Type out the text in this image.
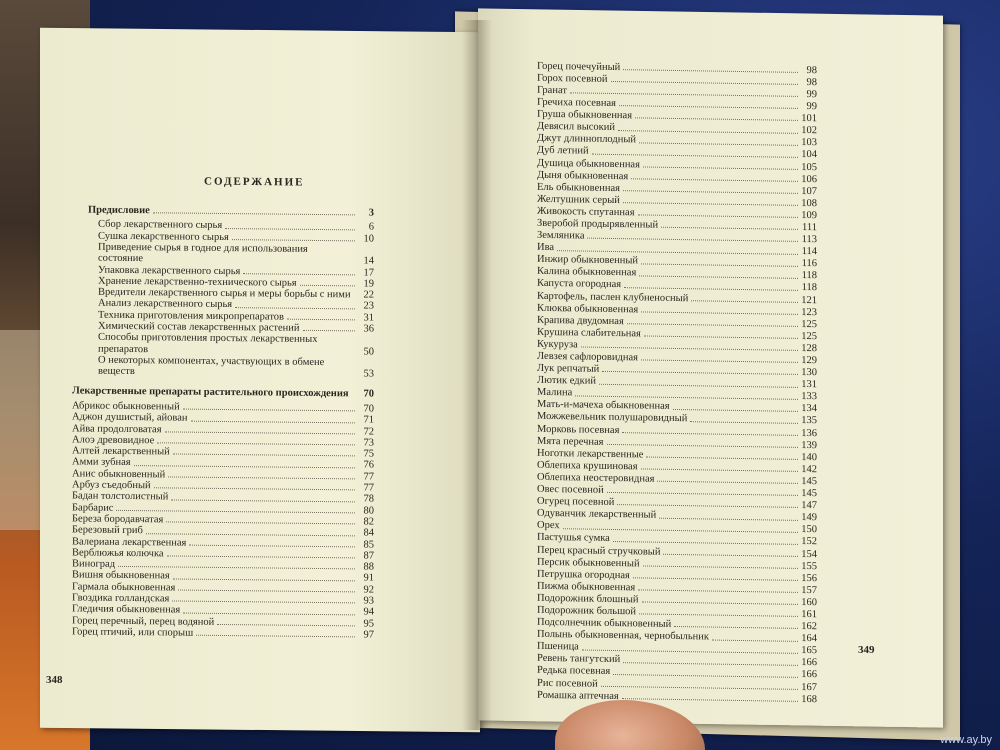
СОДЕРЖАНИЕ
Предисловие	3
Сбор лекарственного сырья	6
Сушка лекарственного сырья	10
Приведение сырья в годное для использования состояние	14
Упаковка лекарственного сырья	17
Хранение лекарственно-технического сырья	19
Вредители лекарственного сырья и меры борьбы с ними	22
Анализ лекарственного сырья	23
Техника приготовления микропрепаратов	31
Химический состав лекарственных растений	36
Способы приготовления простых лекарственных препаратов	50
О некоторых компонентах, участвующих в обмене веществ	53
Лекарственные препараты растительного происхождения	70
Абрикос обыкновенный	70
Аджон душистый, айован	71
Айва продолговатая	72
Алоэ древовидное	73
Алтей лекарственный	75
Амми зубная	76
Анис обыкновенный	77
Арбуз съедобный	77
Бадан толстолистный	78
Барбарис	80
Береза бородавчатая	82
Березовый гриб	84
Валериана лекарственная	85
Верблюжья колючка	87
Виноград	88
Вишня обыкновенная	91
Гармала обыкновенная	92
Гвоздика голландская	93
Гледичия обыкновенная	94
Горец перечный, перец водяной	95
Горец птичий, или спорыш	97
348
Горец почечуйный	98
Горох посевной	98
Гранат	99
Гречиха посевная	99
Груша обыкновенная	101
Девясил высокий	102
Джут длинноплодный	103
Дуб летний	104
Душица обыкновенная	105
Дыня обыкновенная	106
Ель обыкновенная	107
Желтушник серый	108
Живокость спутанная	109
Зверобой продырявленный	111
Земляника	113
Ива	114
Инжир обыкновенный	116
Калина обыкновенная	118
Капуста огородная	118
Картофель, паслен клубненосный	121
Клюква обыкновенная	123
Крапива двудомная	125
Крушина слабительная	125
Кукуруза	128
Левзея сафлоровидная	129
Лук репчатый	130
Лютик едкий	131
Малина	133
Мать-и-мачеха обыкновенная	134
Можжевельник полушаровидный	135
Морковь посевная	136
Мята перечная	139
Ноготки лекарственные	140
Облепиха крушиновая	142
Облепиха неостеровидная	145
Овес посевной	145
Огурец посевной	147
Одуванчик лекарственный	149
Орех	150
Пастушья сумка	152
Перец красный стручковый	154
Персик обыкновенный	155
Петрушка огородная	156
Пижма обыкновенная	157
Подорожник блошный	160
Подорожник большой	161
Подсолнечник обыкновенный	162
Полынь обыкновенная, чернобыльник	164
Пшеница	165
Ревень тангутский	166
Редька посевная	166
Рис посевной	167
Ромашка аптечная	168
349
www.ay.by
